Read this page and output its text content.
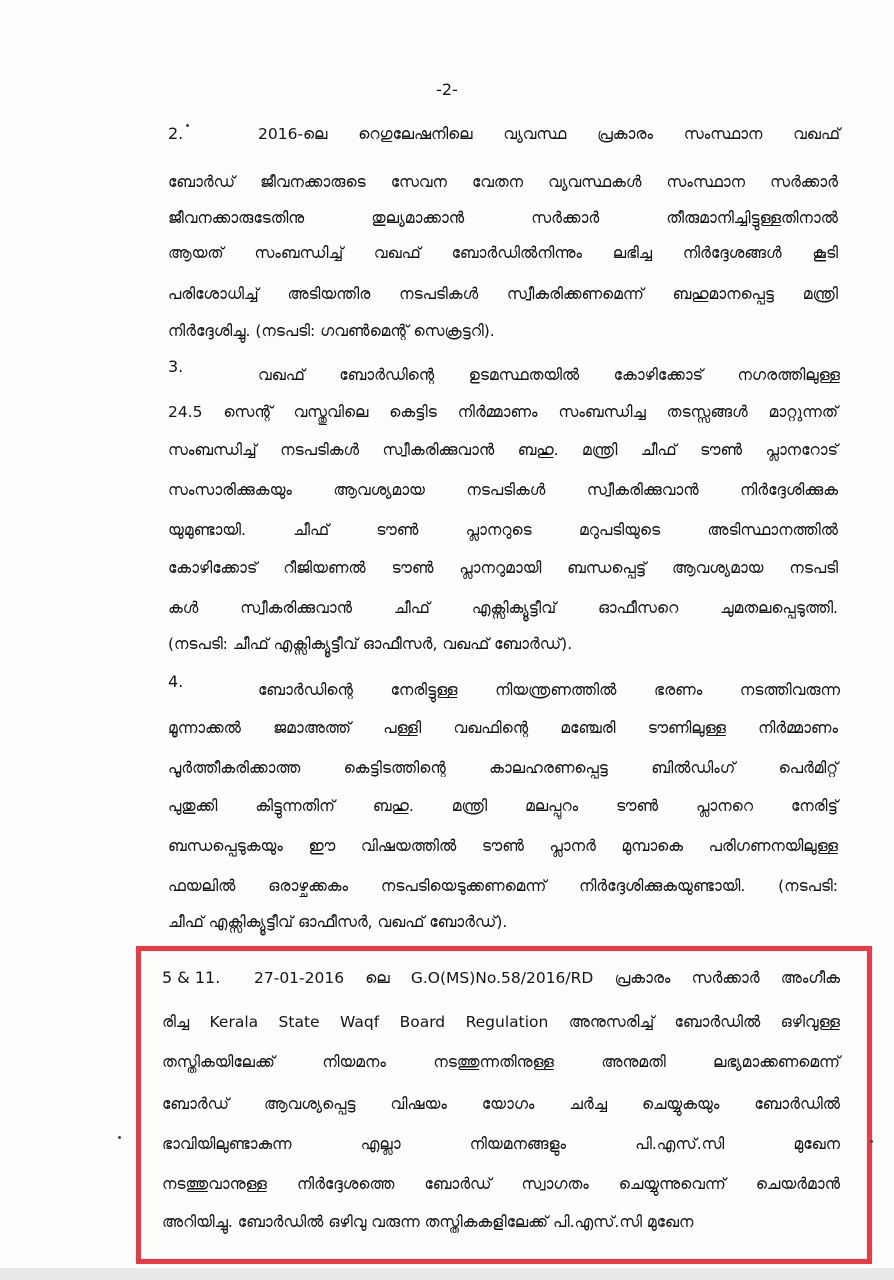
-2-
2.	2016-ലെ റെഗുലേഷനിലെ വ്യവസ്ഥ പ്രകാരം സംസ്ഥാന വഖഫ്
ബോർഡ് ജീവനക്കാരുടെ സേവന വേതന വ്യവസ്ഥകൾ സംസ്ഥാന സർക്കാർ
ജീവനക്കാരുടേതിനു തുല്യമാക്കാൻ സർക്കാർ തീരുമാനിച്ചിട്ടുള്ളതിനാൽ
ആയത് സംബന്ധിച്ച് വഖഫ് ബോർഡിൽനിന്നും ലഭിച്ച നിർദ്ദേശങ്ങൾ കൂടി
പരിശോധിച്ച് അടിയന്തിര നടപടികൾ സ്വീകരിക്കണമെന്ന് ബഹുമാനപ്പെട്ട മന്ത്രി
നിർദ്ദേശിച്ചു. (നടപടി: ഗവൺമെന്റ് സെക്രട്ടറി).
3.	വഖഫ് ബോർഡിന്റെ ഉടമസ്ഥതയിൽ കോഴിക്കോട് നഗരത്തിലുള്ള
24.5 സെന്റ് വസ്തുവിലെ കെട്ടിട നിർമ്മാണം സംബന്ധിച്ച തടസ്സങ്ങൾ മാറ്റുന്നത്
സംബന്ധിച്ച് നടപടികൾ സ്വീകരിക്കുവാൻ ബഹു. മന്ത്രി ചീഫ് ടൗൺ പ്ലാനറോട്
സംസാരിക്കുകയും ആവശ്യമായ നടപടികൾ സ്വീകരിക്കുവാൻ നിർദ്ദേശിക്കുക
യുമുണ്ടായി. ചീഫ് ടൗൺ പ്ലാനറുടെ മറുപടിയുടെ അടിസ്ഥാനത്തിൽ
കോഴിക്കോട് റീജിയണൽ ടൗൺ പ്ലാനറുമായി ബന്ധപ്പെട്ട് ആവശ്യമായ നടപടി
കൾ സ്വീകരിക്കുവാൻ ചീഫ് എക്സിക്യൂട്ടീവ് ഓഫീസറെ ചുമതലപ്പെടുത്തി.
(നടപടി: ചീഫ് എക്സിക്യൂട്ടീവ് ഓഫീസർ, വഖഫ് ബോർഡ്).
4.	ബോർഡിന്റെ നേരിട്ടുള്ള നിയന്ത്രണത്തിൽ ഭരണം നടത്തിവരുന്ന
മൂന്നാക്കൽ ജമാഅത്ത് പള്ളി വഖഫിന്റെ മഞ്ചേരി ടൗണിലുള്ള നിർമ്മാണം
പൂർത്തീകരിക്കാത്ത കെട്ടിടത്തിന്റെ കാലഹരണപ്പെട്ട ബിൽഡിംഗ് പെർമിറ്റ്
പുതുക്കി കിട്ടുന്നതിന് ബഹു. മന്ത്രി മലപ്പുറം ടൗൺ പ്ലാനറെ നേരിട്ട്
ബന്ധപ്പെടുകയും ഈ വിഷയത്തിൽ ടൗൺ പ്ലാനർ മുമ്പാകെ പരിഗണനയിലുള്ള
ഫയലിൽ ഒരാഴ്ചക്കകം നടപടിയെടുക്കണമെന്ന് നിർദ്ദേശിക്കുകയുണ്ടായി. (നടപടി:
ചീഫ് എക്സിക്യൂട്ടീവ് ഓഫീസർ, വഖഫ് ബോർഡ്).
5 & 11. 27-01-2016 ലെ G.O(MS)No.58/2016/RD പ്രകാരം സർക്കാർ അംഗീക
രിച്ച Kerala State Waqf Board Regulation അനുസരിച്ച് ബോർഡിൽ ഒഴിവുള്ള
തസ്തികയിലേക്ക് നിയമനം നടത്തുന്നതിനുള്ള അനുമതി ലഭ്യമാക്കണമെന്ന്
ബോർഡ് ആവശ്യപ്പെട്ട വിഷയം യോഗം ചർച്ച ചെയ്യുകയും ബോർഡിൽ
ഭാവിയിലുണ്ടാകുന്ന എല്ലാ നിയമനങ്ങളും പി.എസ്.സി മുഖേന
നടത്തുവാനുള്ള നിർദ്ദേശത്തെ ബോർഡ് സ്വാഗതം ചെയ്യുന്നുവെന്ന് ചെയർമാൻ
അറിയിച്ചു. ബോർഡിൽ ഒഴിവു വരുന്ന തസ്തികകളിലേക്ക് പി.എസ്.സി മുഖേന
